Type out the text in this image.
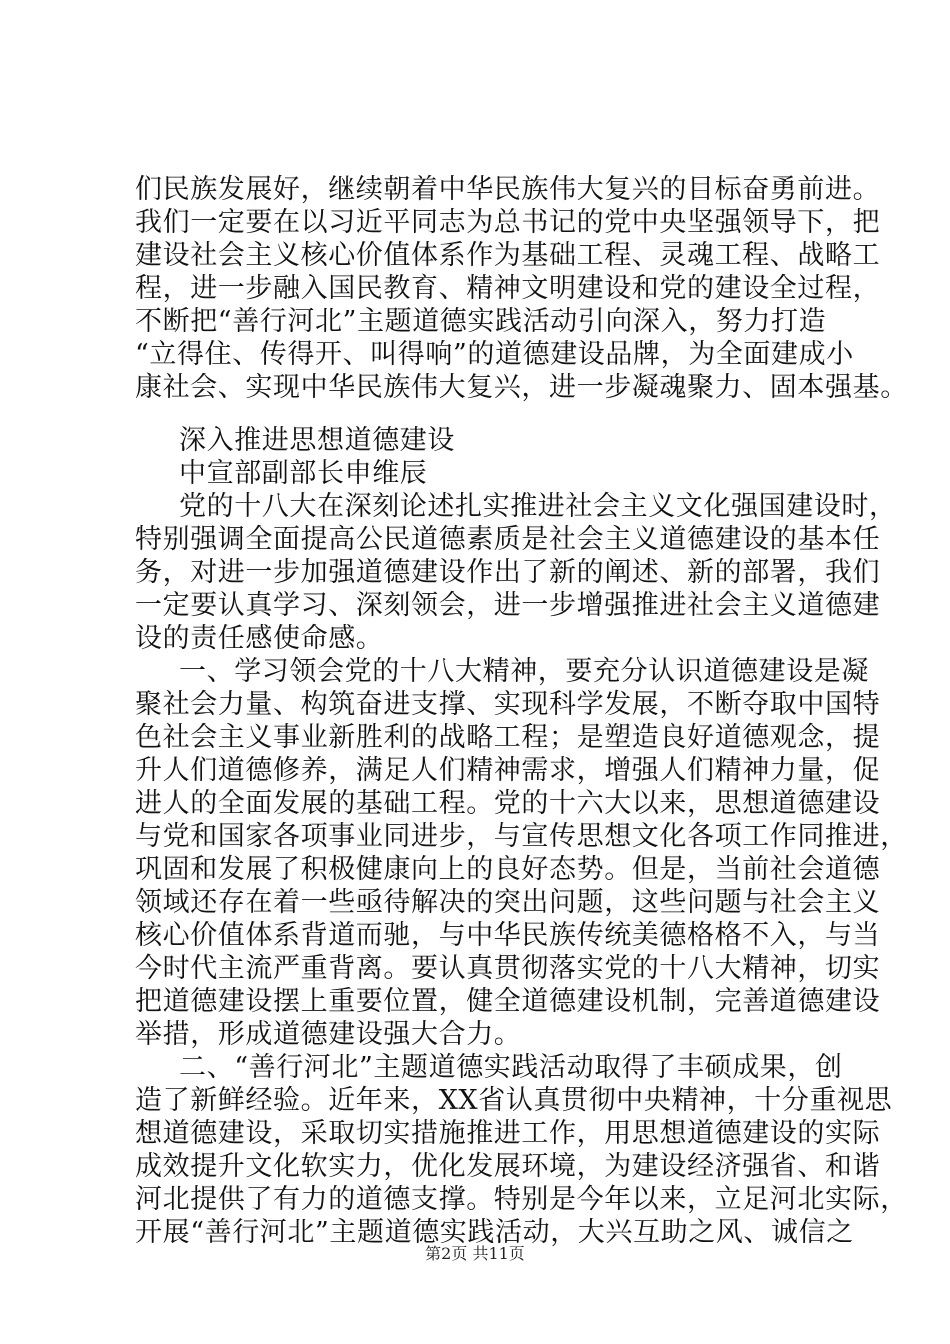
们民族发展好，继续朝着中华民族伟大复兴的目标奋勇前进。
我们一定要在以习近平同志为总书记的党中央坚强领导下，把
建设社会主义核心价值体系作为基础工程、灵魂工程、战略工
程，进一步融入国民教育、精神文明建设和党的建设全过程，
不断把“善行河北”主题道德实践活动引向深入，努力打造
“立得住、传得开、叫得响”的道德建设品牌，为全面建成小
康社会、实现中华民族伟大复兴，进一步凝魂聚力、固本强基。
深入推进思想道德建设
中宣部副部长申维辰
党的十八大在深刻论述扎实推进社会主义文化强国建设时，
特别强调全面提高公民道德素质是社会主义道德建设的基本任
务，对进一步加强道德建设作出了新的阐述、新的部署，我们
一定要认真学习、深刻领会，进一步增强推进社会主义道德建
设的责任感使命感。
一、学习领会党的十八大精神，要充分认识道德建设是凝
聚社会力量、构筑奋进支撑、实现科学发展，不断夺取中国特
色社会主义事业新胜利的战略工程；是塑造良好道德观念，提
升人们道德修养，满足人们精神需求，增强人们精神力量，促
进人的全面发展的基础工程。党的十六大以来，思想道德建设
与党和国家各项事业同进步，与宣传思想文化各项工作同推进，
巩固和发展了积极健康向上的良好态势。但是，当前社会道德
领域还存在着一些亟待解决的突出问题，这些问题与社会主义
核心价值体系背道而驰，与中华民族传统美德格格不入，与当
今时代主流严重背离。要认真贯彻落实党的十八大精神，切实
把道德建设摆上重要位置，健全道德建设机制，完善道德建设
举措，形成道德建设强大合力。
二、“善行河北”主题道德实践活动取得了丰硕成果，创
造了新鲜经验。近年来，XX省认真贯彻中央精神，十分重视思
想道德建设，采取切实措施推进工作，用思想道德建设的实际
成效提升文化软实力，优化发展环境，为建设经济强省、和谐
河北提供了有力的道德支撑。特别是今年以来，立足河北实际，
开展“善行河北”主题道德实践活动，大兴互助之风、诚信之
第2页 共11页
